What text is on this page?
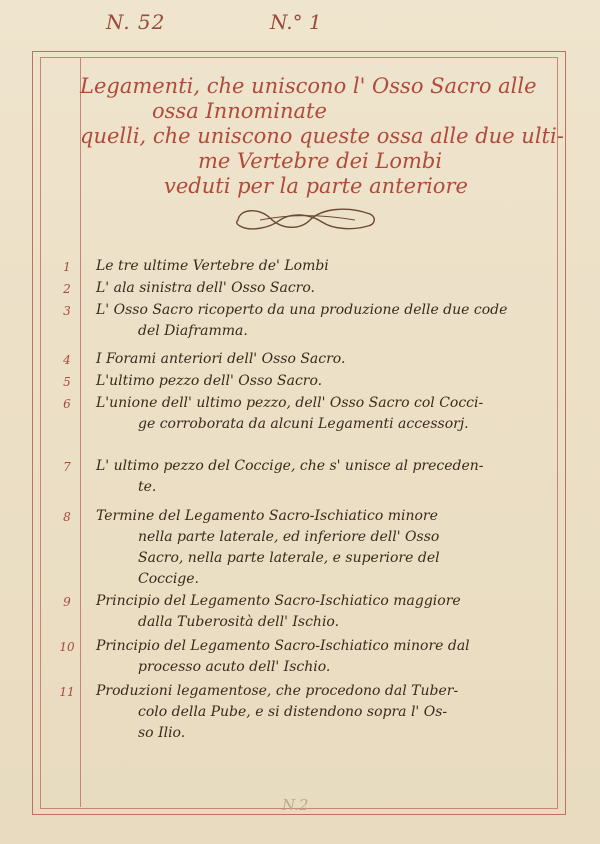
N. 52	N.° 1
Legamenti, che uniscono l' Osso Sacro alle
ossa Innominate
quelli, che uniscono queste ossa alle due ulti-
me Vertebre dei Lombi
veduti per la parte anteriore
1	Le tre ultime Vertebre de' Lombi
2	L' ala sinistra dell' Osso Sacro.
3	L' Osso Sacro ricoperto da una produzione delle due code
del Diaframma.
4	I Forami anteriori dell' Osso Sacro.
5	L'ultimo pezzo dell' Osso Sacro.
6	L'unione dell' ultimo pezzo, dell' Osso Sacro col Cocci-
ge corroborata da alcuni Legamenti accessorj.
7	L' ultimo pezzo del Coccige, che s' unisce al preceden-
te.
8	Termine del Legamento Sacro-Ischiatico minore
nella parte laterale, ed inferiore dell' Osso
Sacro, nella parte laterale, e superiore del
Coccige.
9	Principio del Legamento Sacro-Ischiatico maggiore
dalla Tuberosità dell' Ischio.
10 Principio del Legamento Sacro-Ischiatico minore dal
processo acuto dell' Ischio.
11 Produzioni legamentose, che procedono dal Tuber-
colo della Pube, e si distendono sopra l' Os-
so Ilio.
N.2
